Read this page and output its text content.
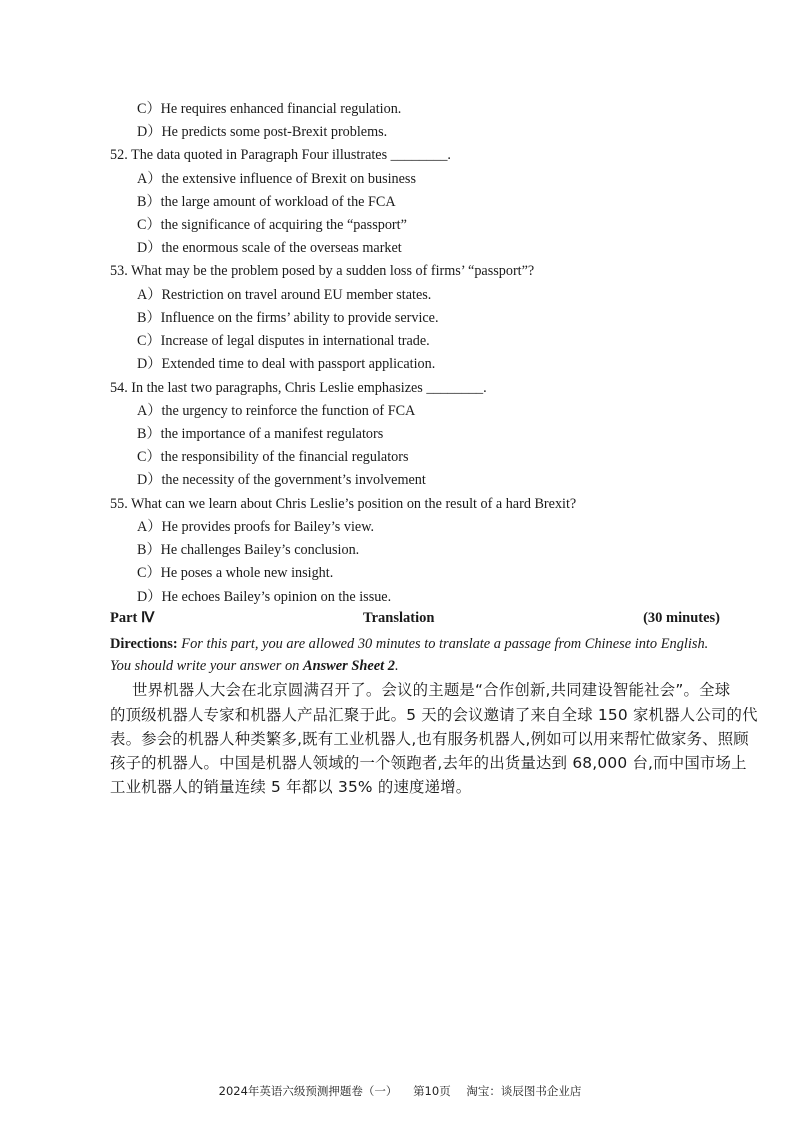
C）He requires enhanced financial regulation.
D）He predicts some post-Brexit problems.
52. The data quoted in Paragraph Four illustrates ________.
A）the extensive influence of Brexit on business
B）the large amount of workload of the FCA
C）the significance of acquiring the “passport”
D）the enormous scale of the overseas market
53. What may be the problem posed by a sudden loss of firms’ “passport”?
A）Restriction on travel around EU member states.
B）Influence on the firms’ ability to provide service.
C）Increase of legal disputes in international trade.
D）Extended time to deal with passport application.
54. In the last two paragraphs, Chris Leslie emphasizes ________.
A）the urgency to reinforce the function of FCA
B）the importance of a manifest regulators
C）the responsibility of the financial regulators
D）the necessity of the government’s involvement
55. What can we learn about Chris Leslie’s position on the result of a hard Brexit?
A）He provides proofs for Bailey’s view.
B）He challenges Bailey’s conclusion.
C）He poses a whole new insight.
D）He echoes Bailey’s opinion on the issue.
Part Ⅳ	Translation	(30 minutes)
Directions: For this part, you are allowed 30 minutes to translate a passage from Chinese into English. You should write your answer on Answer Sheet 2.
世界机器人大会在北京圆满召开了。会议的主题是“合作创新,共同建设智能社会”。全球
的顶级机器人专家和机器人产品汇聚于此。5 天的会议邀请了来自全球 150 家机器人公司的代
表。参会的机器人种类繁多,既有工业机器人,也有服务机器人,例如可以用来帮忙做家务、照顾
孩子的机器人。中国是机器人领域的一个领跑者,去年的出货量达到 68,000 台,而中国市场上
工业机器人的销量连续 5 年都以 35% 的速度递增。
2024年英语六级预测押题卷（一） 第10页 淘宝：谈辰图书企业店
